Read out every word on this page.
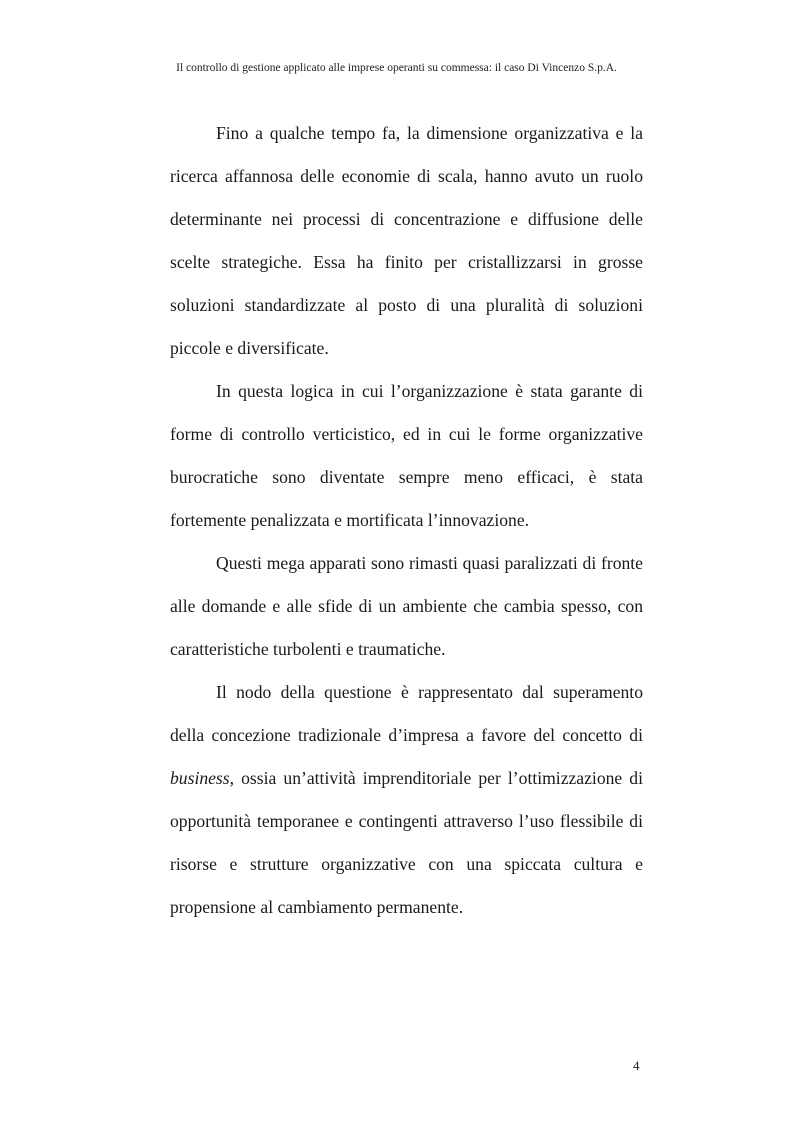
Il controllo di gestione applicato alle imprese operanti su commessa: il caso Di Vincenzo S.p.A.

Fino a qualche tempo fa, la dimensione organizzativa e la ricerca affannosa delle economie di scala, hanno avuto un ruolo determinante nei processi di concentrazione e diffusione delle scelte strategiche. Essa ha finito per cristallizzarsi in grosse soluzioni standardizzate al posto di una pluralità di soluzioni piccole e diversificate.

In questa logica in cui l’organizzazione è stata garante di forme di controllo verticistico, ed in cui le forme organizzative burocratiche sono diventate sempre meno efficaci, è stata fortemente penalizzata e mortificata l’innovazione.

Questi mega apparati sono rimasti quasi paralizzati di fronte alle domande e alle sfide di un ambiente che cambia spesso, con caratteristiche turbolenti e traumatiche.

Il nodo della questione è rappresentato dal superamento della concezione tradizionale d’impresa a favore del concetto di business, ossia un’attività imprenditoriale per l’ottimizzazione di opportunità temporanee e contingenti attraverso l’uso flessibile di risorse e strutture organizzative con una spiccata cultura e propensione al cambiamento permanente.

4
